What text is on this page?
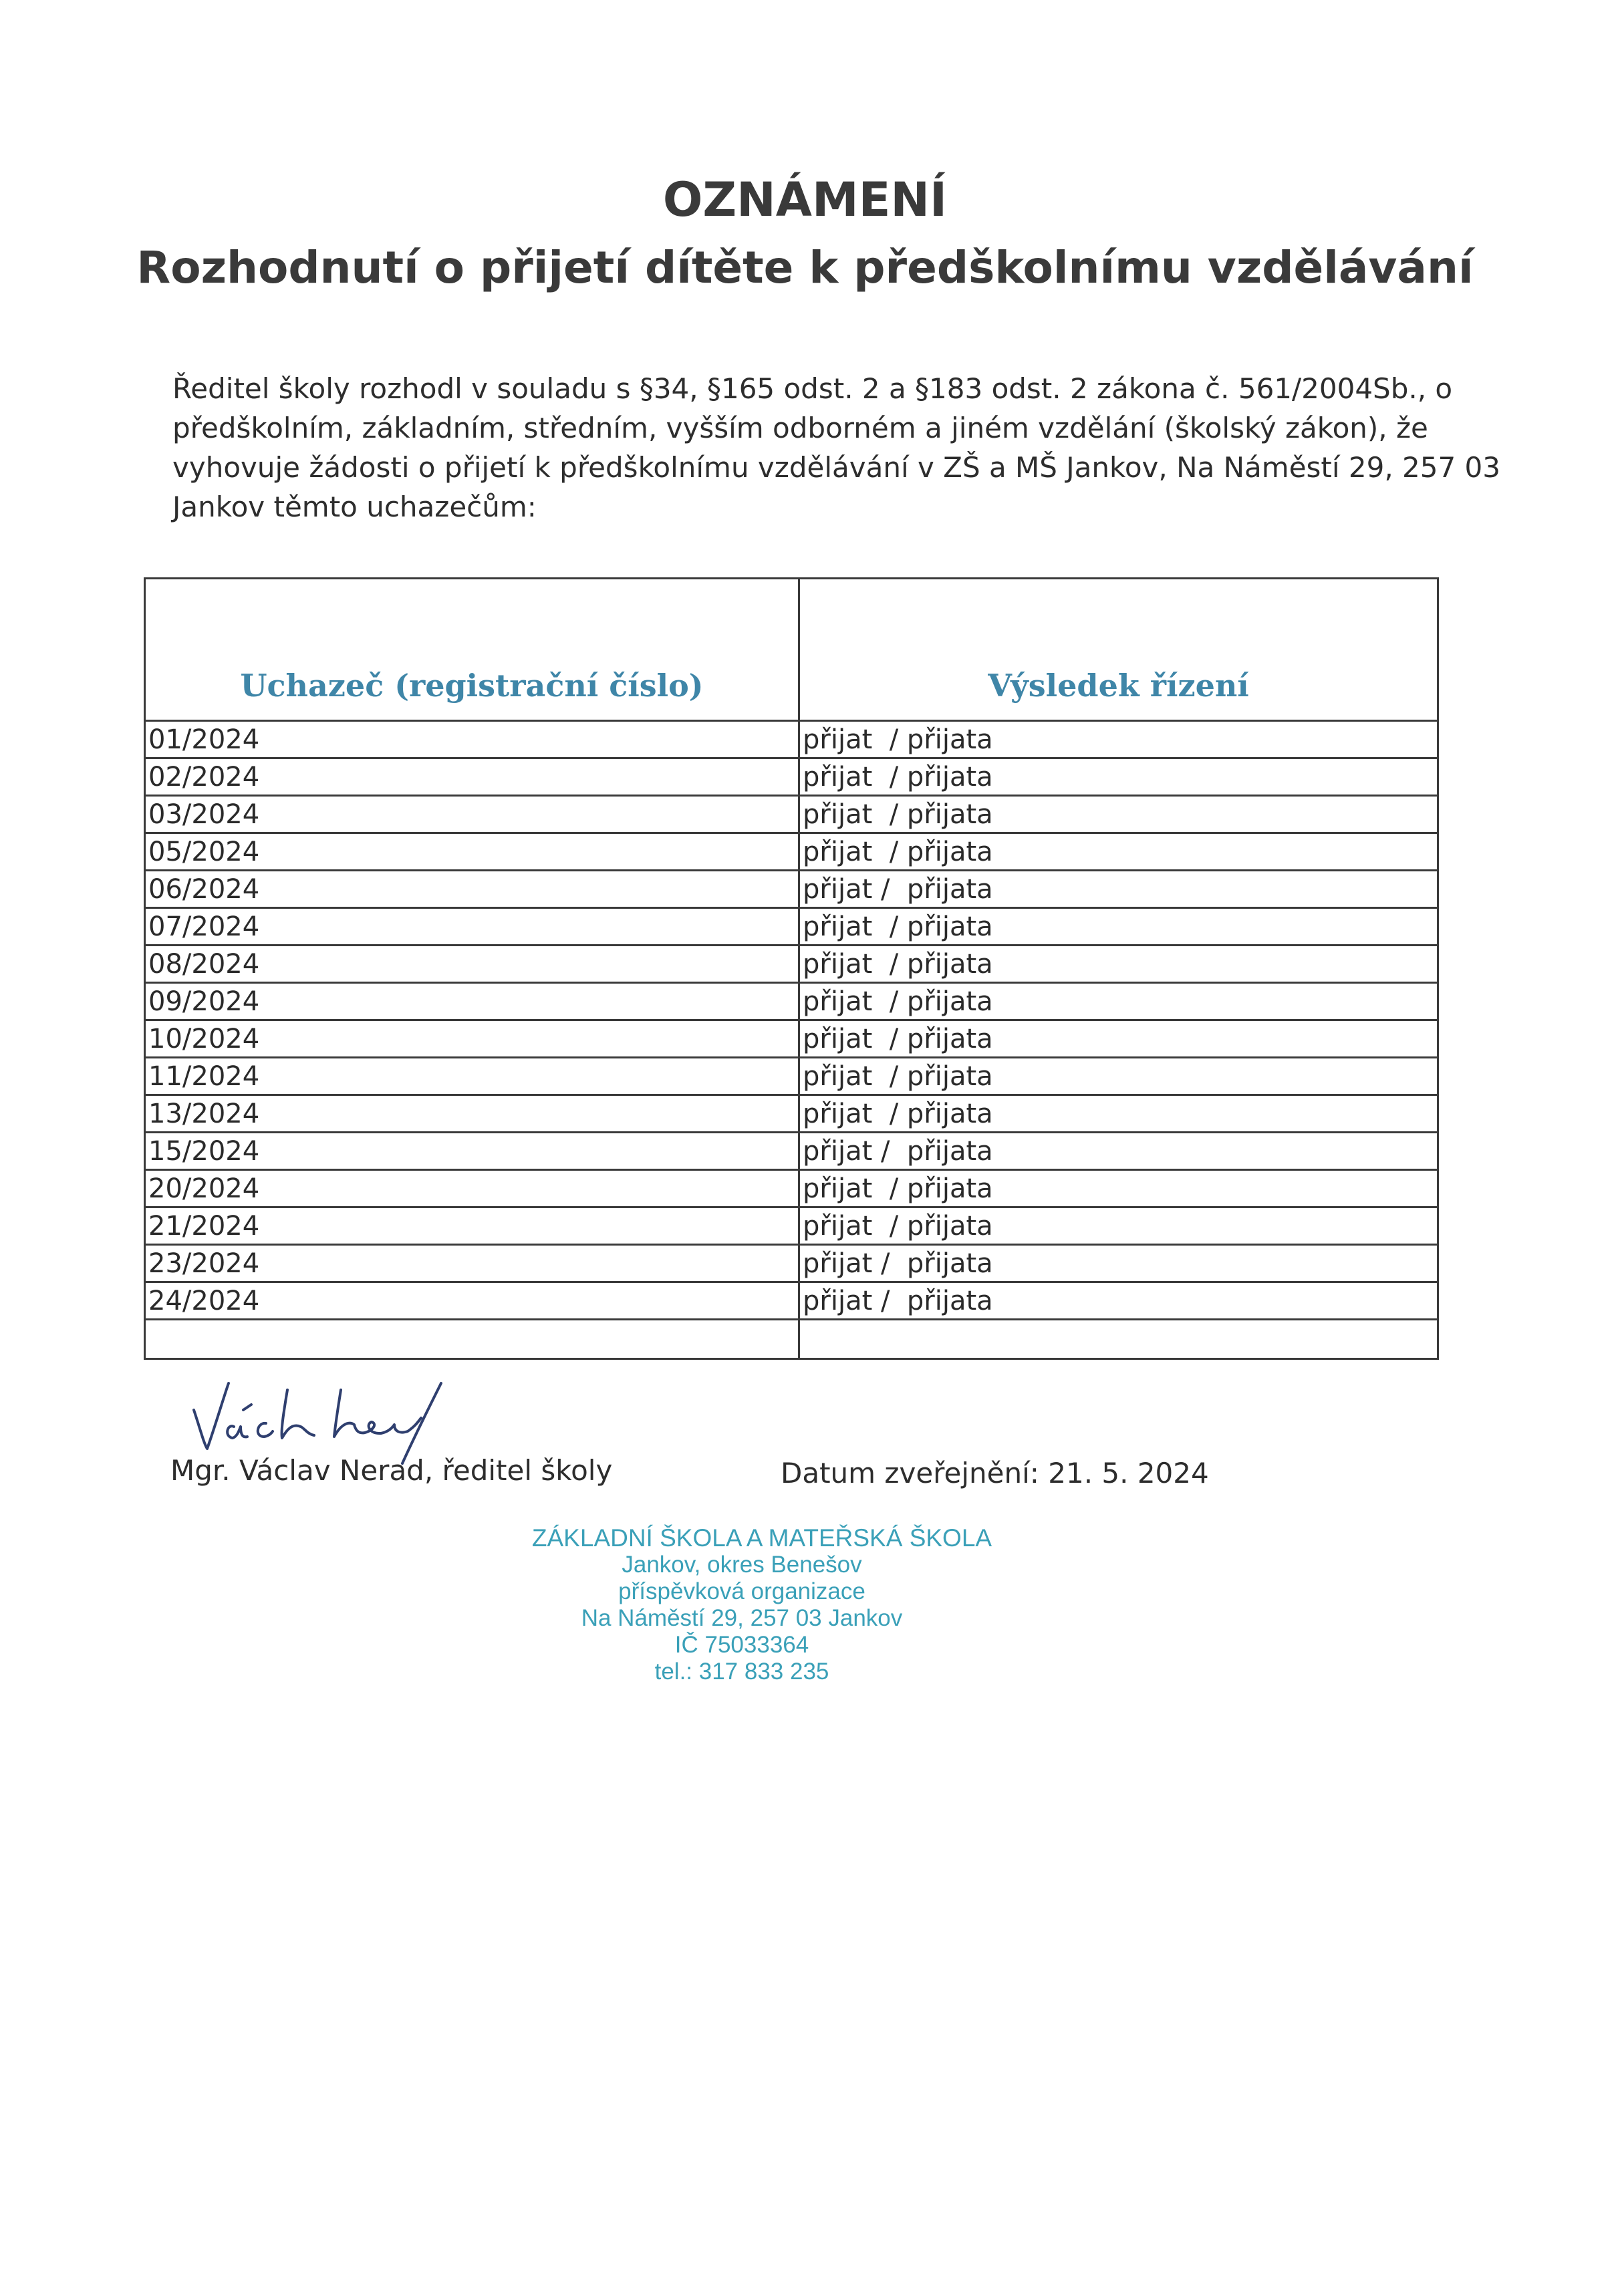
OZNÁMENÍ
Rozhodnutí o přijetí dítěte k předškolnímu vzdělávání
Ředitel školy rozhodl v souladu s §34, §165 odst. 2 a §183 odst. 2 zákona č. 561/2004Sb., o
předškolním, základním, středním, vyšším odborném a jiném vzdělání (školský zákon), že
vyhovuje žádosti o přijetí k předškolnímu vzdělávání v ZŠ a MŠ Jankov, Na Náměstí 29, 257 03
Jankov těmto uchazečům:
Uchazeč (registrační číslo)	Výsledek řízení
01/2024	přijat  / přijata
02/2024	přijat  / přijata
03/2024	přijat  / přijata
05/2024	přijat  / přijata
06/2024	přijat /  přijata
07/2024	přijat  / přijata
08/2024	přijat  / přijata
09/2024	přijat  / přijata
10/2024	přijat  / přijata
11/2024	přijat  / přijata
13/2024	přijat  / přijata
15/2024	přijat /  přijata
20/2024	přijat  / přijata
21/2024	přijat  / přijata
23/2024	přijat /  přijata
24/2024	přijat /  přijata

Mgr. Václav Nerad, ředitel školy	Datum zveřejnění: 21. 5. 2024
ZÁKLADNÍ ŠKOLA A MATEŘSKÁ ŠKOLA
Jankov, okres Benešov
příspěvková organizace
Na Náměstí 29, 257 03 Jankov
IČ 75033364
tel.: 317 833 235
